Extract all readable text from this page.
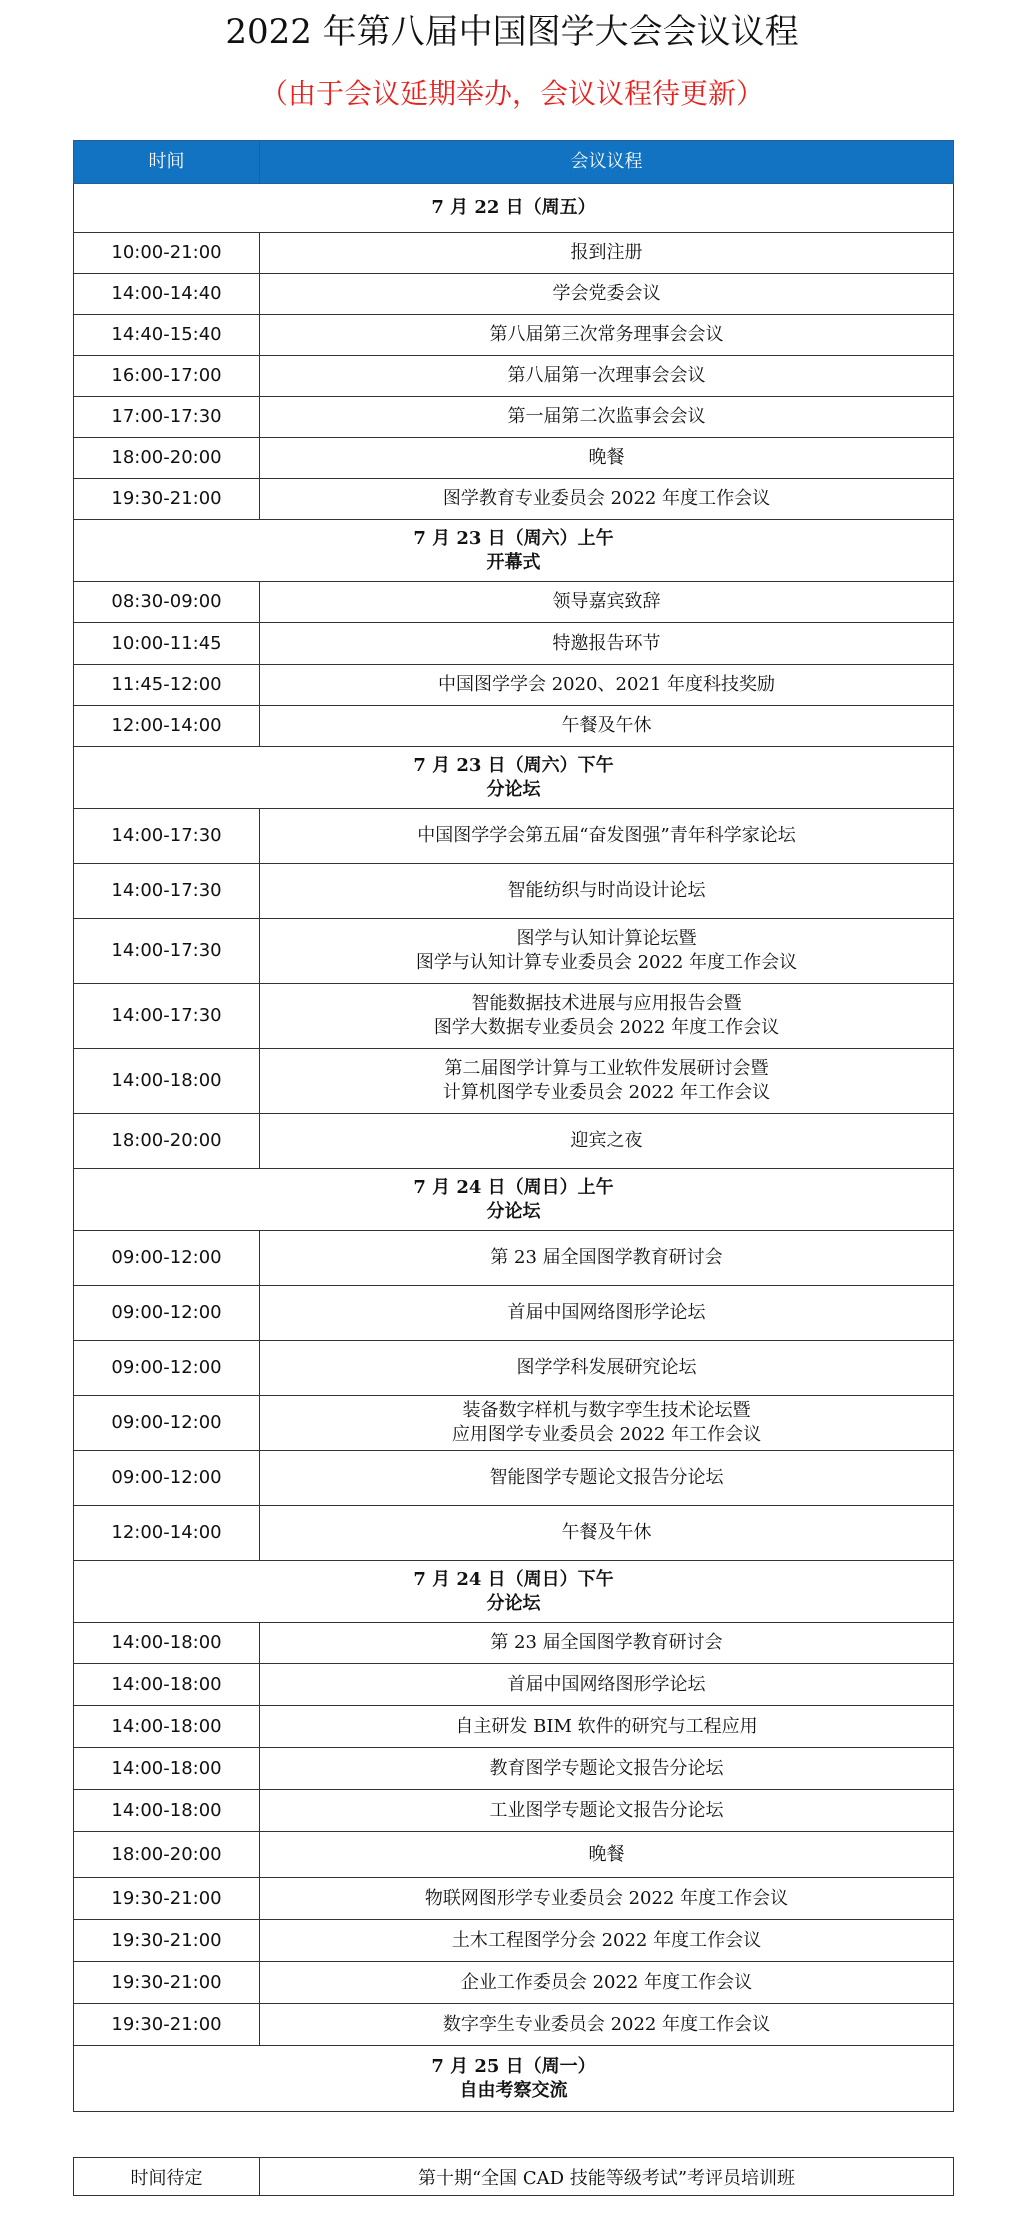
2022 年第八届中国图学大会会议议程
（由于会议延期举办，会议议程待更新）
时间	会议议程

7 月 22 日（周五）	

10:00-21:00	报到注册

14:00-14:40	学会党委会议

14:40-15:40	第八届第三次常务理事会会议

16:00-17:00	第八届第一次理事会会议

17:00-17:30	第一届第二次监事会会议

18:00-20:00	晚餐

19:30-21:00	图学教育专业委员会 2022 年度工作会议

7 月 23 日（周六）上午
开幕式	

08:30-09:00	领导嘉宾致辞

10:00-11:45	特邀报告环节

11:45-12:00	中国图学学会 2020、2021 年度科技奖励

12:00-14:00	午餐及午休

7 月 23 日（周六）下午
分论坛	

14:00-17:30	中国图学学会第五届“奋发图强”青年科学家论坛

14:00-17:30	智能纺织与时尚设计论坛

14:00-17:30	图学与认知计算论坛暨
图学与认知计算专业委员会 2022 年度工作会议

14:00-17:30	智能数据技术进展与应用报告会暨
图学大数据专业委员会 2022 年度工作会议

14:00-18:00	第二届图学计算与工业软件发展研讨会暨
计算机图学专业委员会 2022 年工作会议

18:00-20:00	迎宾之夜

7 月 24 日（周日）上午
分论坛	

09:00-12:00	第 23 届全国图学教育研讨会

09:00-12:00	首届中国网络图形学论坛

09:00-12:00	图学学科发展研究论坛

09:00-12:00	装备数字样机与数字孪生技术论坛暨
应用图学专业委员会 2022 年工作会议

09:00-12:00	智能图学专题论文报告分论坛

12:00-14:00	午餐及午休

7 月 24 日（周日）下午
分论坛	

14:00-18:00	第 23 届全国图学教育研讨会

14:00-18:00	首届中国网络图形学论坛

14:00-18:00	自主研发 BIM 软件的研究与工程应用

14:00-18:00	教育图学专题论文报告分论坛

14:00-18:00	工业图学专题论文报告分论坛

18:00-20:00	晚餐

19:30-21:00	物联网图形学专业委员会 2022 年度工作会议

19:30-21:00	土木工程图学分会 2022 年度工作会议

19:30-21:00	企业工作委员会 2022 年度工作会议

19:30-21:00	数字孪生专业委员会 2022 年度工作会议

7 月 25 日（周一）
自由考察交流	
时间待定	第十期“全国 CAD 技能等级考试”考评员培训班
